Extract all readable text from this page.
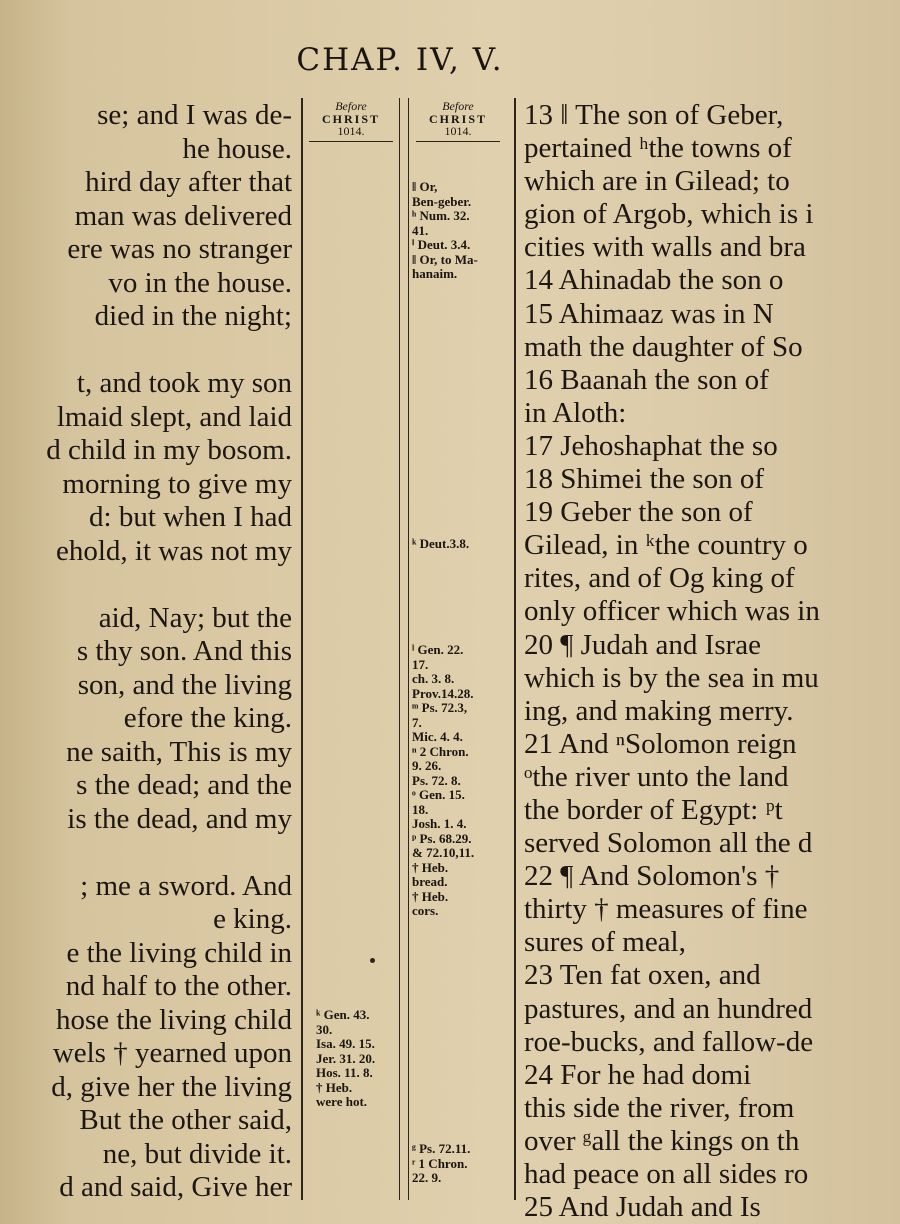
CHAP. IV, V.
Before
CHRIST
1014.
Before
CHRIST
1014.
se; and I was de-
he house.
hird day after that
man was delivered
ere was no stranger
vo in the house.
died in the night;
t, and took my son
lmaid slept, and laid
d child in my bosom.
morning to give my
d: but when I had
ehold, it was not my
aid, Nay; but the
s thy son. And this
son, and the living
efore the king.
ne saith, This is my
s the dead; and the
is the dead, and my
; me a sword. And
e king.
e the living child in
nd half to the other.
hose the living child
wels † yearned upon
d, give her the living
But the other said,
ne, but divide it.
d and said, Give her
13 ‖ The son of Geber,
pertained ʰthe towns of
which are in Gilead; to
gion of Argob, which is i
cities with walls and bra
14 Ahinadab the son o
15 Ahimaaz was in N
math the daughter of So
16 Baanah the son of
in Aloth:
17 Jehoshaphat the so
18 Shimei the son of
19 Geber the son of
Gilead, in ᵏthe country o
rites, and of Og king of
only officer which was in
20 ¶ Judah and Israe
which is by the sea in mu
ing, and making merry.
21 And ⁿSolomon reign
ᵒthe river unto the land
the border of Egypt: ᵖt
served Solomon all the d
22 ¶ And Solomon's †
thirty † measures of fine
sures of meal,
23 Ten fat oxen, and
pastures, and an hundred
roe-bucks, and fallow-de
24 For he had domi
this side the river, from
over ᵍall the kings on th
had peace on all sides ro
25 And Judah and Is
‖ Or,
Ben-geber.
ʰ Num. 32.
41.
ⁱ Deut. 3.4.
‖ Or, to Ma-
hanaim.
ᵏ Deut.3.8.
ˡ Gen. 22.
17.
ch. 3. 8.
Prov.14.28.
ᵐ Ps. 72.3,
7.
Mic. 4. 4.
ⁿ 2 Chron.
9. 26.
Ps. 72. 8.
ᵒ Gen. 15.
18.
Josh. 1. 4.
ᵖ Ps. 68.29.
& 72.10,11.
† Heb.
bread.
† Heb.
cors.
ᵍ Ps. 72.11.
ʳ 1 Chron.
22. 9.
ᵏ Gen. 43.
30.
Isa. 49. 15.
Jer. 31. 20.
Hos. 11. 8.
† Heb.
were hot.
